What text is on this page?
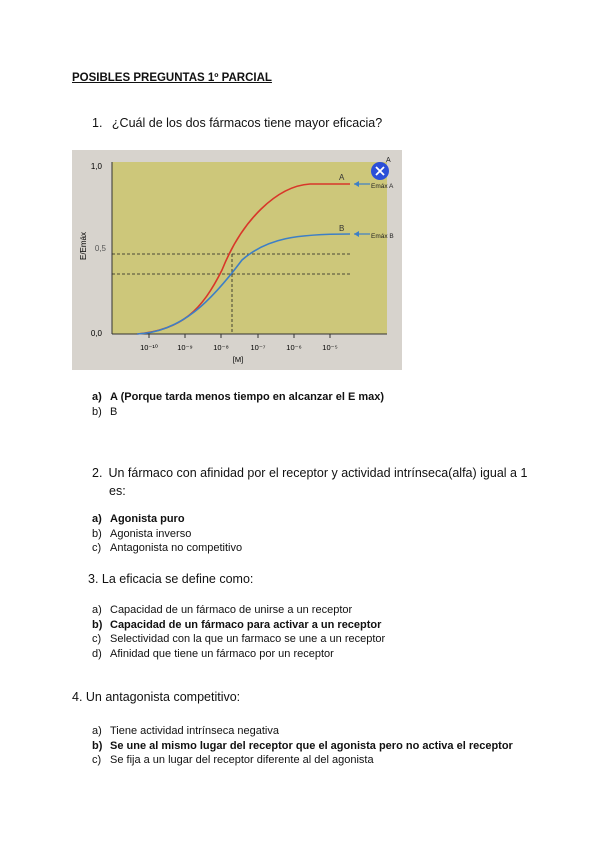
POSIBLES PREGUNTAS 1º PARCIAL
1. ¿Cuál de los dos fármacos tiene mayor eficacia?
1,0
0,5
0,0
E/Emáx
10⁻¹⁰	10⁻⁹	10⁻⁸	10⁻⁷	10⁻⁶	10⁻⁵
[M]
A
B
Emáx A
Emáx B
A
a) A (Porque tarda menos tiempo en alcanzar el E max)
b) B
2. Un fármaco con afinidad por el receptor y actividad intrínseca(alfa) igual a 1
es:
a) Agonista puro
b) Agonista inverso
c) Antagonista no competitivo
3. La eficacia se define como:
a) Capacidad de un fármaco de unirse a un receptor
b) Capacidad de un fármaco para activar a un receptor
c) Selectividad con la que un farmaco se une a un receptor
d) Afinidad que tiene un fármaco por un receptor
4. Un antagonista competitivo:
a) Tiene actividad intrínseca negativa
b) Se une al mismo lugar del receptor que el agonista pero no activa el receptor
c) Se fija a un lugar del receptor diferente al del agonista
